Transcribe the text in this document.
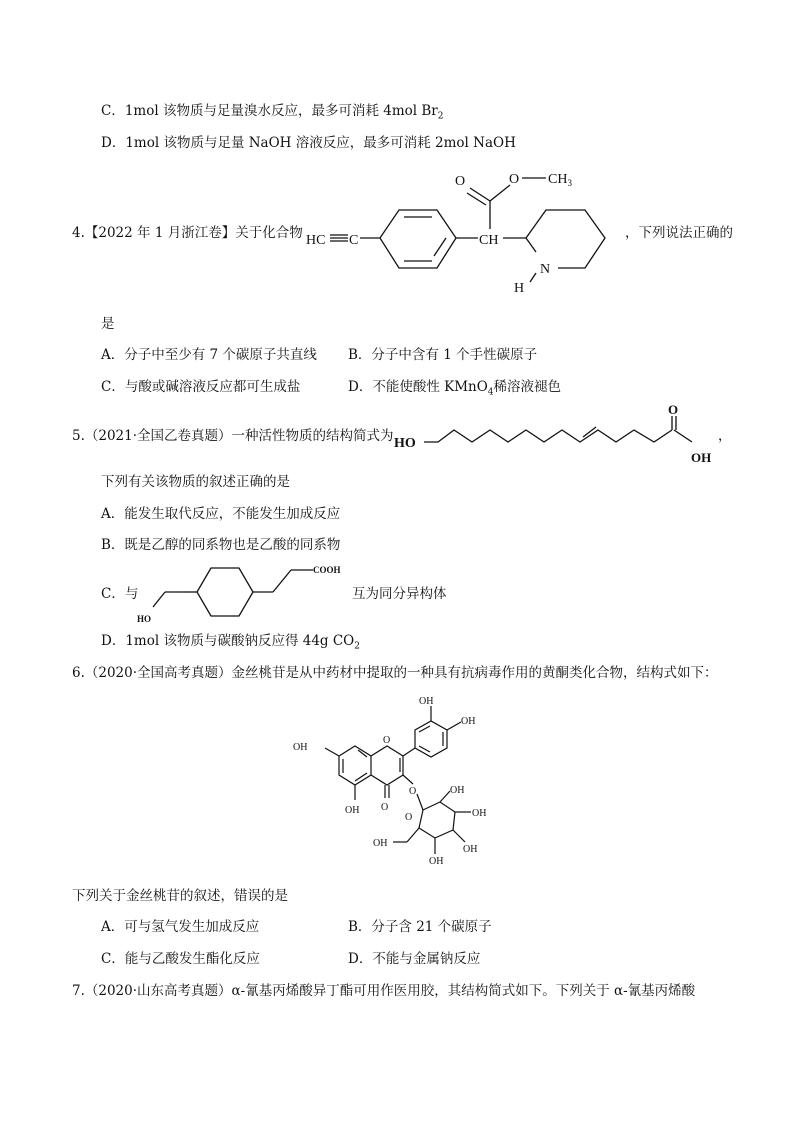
C．1mol 该物质与足量溴水反应，最多可消耗 4mol $Br_2$
D．1mol 该物质与足量 NaOH 溶液反应，最多可消耗 2mol NaOH
4.【2022 年 1 月浙江卷】关于化合物 HC C
O	O $CH_3$
CH
N
H
，下列说法正确的
是
A．分子中至少有 7 个碳原子共直线 B．分子中含有 1 个手性碳原子
C．与酸或碱溶液反应都可生成盐	D．不能使酸性 KMnO$_4$稀溶液褪色
5.（2021·全国乙卷真题）一种活性物质的结构简式为 HO
O
OH
，
下列有关该物质的叙述正确的是
A．能发生取代反应，不能发生加成反应
B．既是乙醇的同系物也是乙酸的同系物
C．与
COOH
HO
互为同分异构体
D．1mol 该物质与碳酸钠反应得 44g $CO_2$
6.（2020·全国高考真题）金丝桃苷是从中药材中提取的一种具有抗病毒作用的黄酮类化合物，结构式如下：
OH
OH O
O
O
OH
OH
OH
OH
OH
OH
OH
O
下列关于金丝桃苷的叙述，错误的是
A．可与氢气发生加成反应	B．分子含 21 个碳原子
C．能与乙酸发生酯化反应	D．不能与金属钠反应
7.（2020·山东高考真题）α-氰基丙烯酸异丁酯可用作医用胶，其结构简式如下。下列关于 α-氰基丙烯酸
